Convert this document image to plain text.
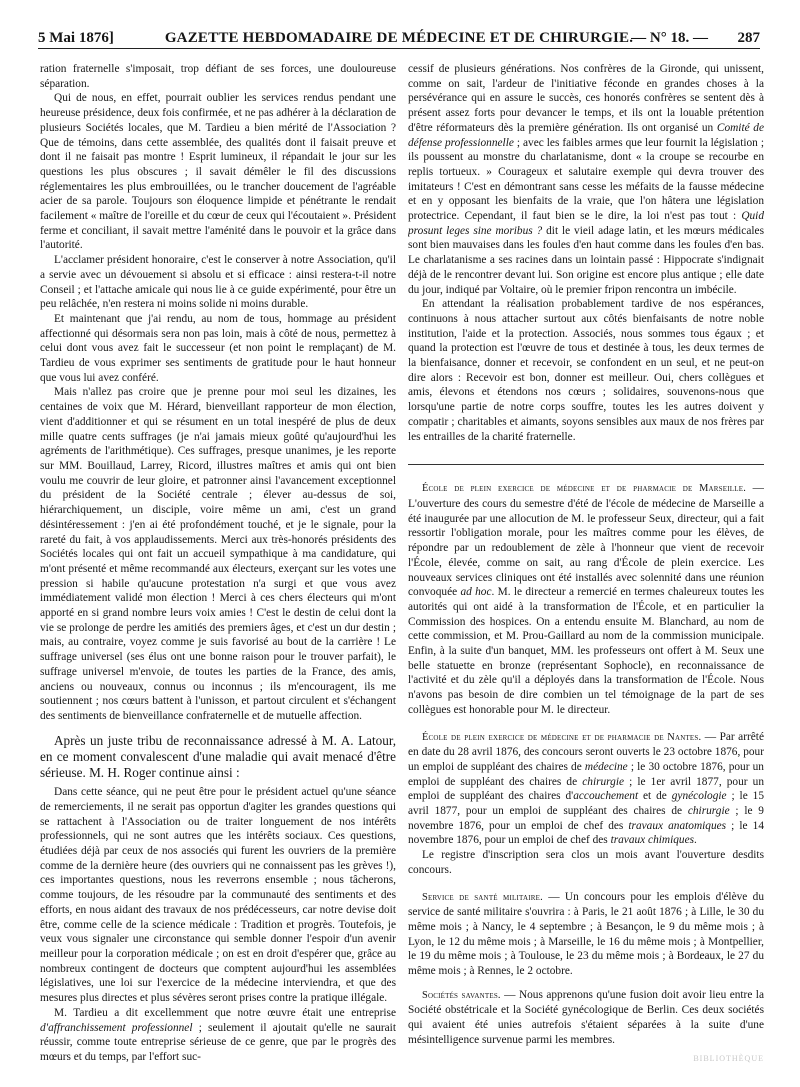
5 Mai 1876]	GAZETTE HEBDOMADAIRE DE MÉDECINE ET DE CHIRURGIE.
— N° 18. — 287

ration fraternelle s'imposait, trop défiant de ses forces, une douloureuse séparation.

Qui de nous, en effet, pourrait oublier les services rendus pendant une heureuse présidence, deux fois confirmée, et ne pas adhérer à la déclaration de plusieurs Sociétés locales, que M. Tardieu a bien mérité de l'Association ? Que de témoins, dans cette assemblée, des qualités dont il faisait preuve et dont il ne faisait pas montre ! Esprit lumineux, il répandait le jour sur les questions les plus obscures ; il savait démêler le fil des discussions réglementaires les plus embrouillées, ou le trancher doucement de l'agréable acier de sa parole. Toujours son éloquence limpide et pénétrante le rendait facilement « maître de l'oreille et du cœur de ceux qui l'écoutaient ». Président ferme et conciliant, il savait mettre l'aménité dans le pouvoir et la grâce dans l'autorité.

L'acclamer président honoraire, c'est le conserver à notre Association, qu'il a servie avec un dévouement si absolu et si efficace : ainsi restera-t-il notre Conseil ; et l'attache amicale qui nous lie à ce guide expérimenté, pour être un peu relâchée, n'en restera ni moins solide ni moins durable.

Et maintenant que j'ai rendu, au nom de tous, hommage au président affectionné qui désormais sera non pas loin, mais à côté de nous, permettez à celui dont vous avez fait le successeur (et non point le remplaçant) de M. Tardieu de vous exprimer ses sentiments de gratitude pour le haut honneur que vous lui avez conféré.

Mais n'allez pas croire que je prenne pour moi seul les dizaines, les centaines de voix que M. Hérard, bienveillant rapporteur de mon élection, vient d'additionner et qui se résument en un total inespéré de plus de deux mille quatre cents suffrages (je n'ai jamais mieux goûté qu'aujourd'hui les agréments de l'arithmétique). Ces suffrages, presque unanimes, je les reporte sur MM. Bouillaud, Larrey, Ricord, illustres maîtres et amis qui ont bien voulu me couvrir de leur gloire, et patronner ainsi l'avancement exceptionnel du président de la Société centrale ; élever au-dessus de soi, hiérarchiquement, un disciple, voire même un ami, c'est un grand désintéressement : j'en ai été profondément touché, et je le signale, pour la rareté du fait, à vos applaudissements. Merci aux très-honorés présidents des Sociétés locales qui ont fait un accueil sympathique à ma candidature, qui m'ont présenté et même recommandé aux électeurs, exerçant sur les votes une pression si habile qu'aucune protestation n'a surgi et que vous avez immédiatement validé mon élection ! Merci à ces chers électeurs qui m'ont apporté en si grand nombre leurs voix amies ! C'est le destin de celui dont la vie se prolonge de perdre les amitiés des premiers âges, et c'est un dur destin ; mais, au contraire, voyez comme je suis favorisé au bout de la carrière ! Le suffrage universel (ses élus ont une bonne raison pour le trouver parfait), le suffrage universel m'envoie, de toutes les parties de la France, des amis, anciens ou nouveaux, connus ou inconnus ; ils m'encouragent, ils me soutiennent ; nos cœurs battent à l'unisson, et partout circulent et s'échangent des sentiments de bienveillance confraternelle et de mutuelle affection.

Après un juste tribu de reconnaissance adressé à M. A. Latour, en ce moment convalescent d'une maladie qui avait menacé d'être sérieuse. M. H. Roger continue ainsi :

Dans cette séance, qui ne peut être pour le président actuel qu'une séance de remerciements, il ne serait pas opportun d'agiter les grandes questions qui se rattachent à l'Association ou de traiter longuement de nos intérêts professionnels, qui ne sont autres que les intérêts sociaux. Ces questions, étudiées déjà par ceux de nos associés qui furent les ouvriers de la première comme de la dernière heure (des ouvriers qui ne connaissent pas les grèves !), ces importantes questions, nous les reverrons ensemble ; nous tâcherons, comme toujours, de les résoudre par la communauté des sentiments et des efforts, en nous aidant des travaux de nos prédécesseurs, car notre devise doit être, comme celle de la science médicale : Tradition et progrès. Toutefois, je veux vous signaler une circonstance qui semble donner l'espoir d'un avenir meilleur pour la corporation médicale ; on est en droit d'espérer que, grâce au nombreux contingent de docteurs que comptent aujourd'hui les assemblées législatives, une loi sur l'exercice de la médecine interviendra, et que des mesures plus directes et plus sévères seront prises contre la pratique illégale.

M. Tardieu a dit excellemment que notre œuvre était une entreprise d'affranchissement professionnel ; seulement il ajoutait qu'elle ne saurait réussir, comme toute entreprise sérieuse de ce genre, que par le progrès des mœurs et du temps, par l'effort suc-

cessif de plusieurs générations. Nos confrères de la Gironde, qui unissent, comme on sait, l'ardeur de l'initiative féconde en grandes choses à la persévérance qui en assure le succès, ces honorés confrères se sentent dès à présent assez forts pour devancer le temps, et ils ont la louable prétention d'être réformateurs dès la première génération. Ils ont organisé un Comité de défense professionnelle ; avec les faibles armes que leur fournit la législation ; ils poussent au monstre du charlatanisme, dont « la croupe se recourbe en replis tortueux. » Courageux et salutaire exemple qui devra trouver des imitateurs ! C'est en démontrant sans cesse les méfaits de la fausse médecine et en y opposant les bienfaits de la vraie, que l'on hâtera une législation protectrice. Cependant, il faut bien se le dire, la loi n'est pas tout : Quid prosunt leges sine moribus ? dit le vieil adage latin, et les mœurs médicales sont bien mauvaises dans les foules d'en haut comme dans les foules d'en bas. Le charlatanisme a ses racines dans un lointain passé : Hippocrate s'indignait déjà de le rencontrer devant lui. Son origine est encore plus antique ; elle date du jour, indiqué par Voltaire, où le premier fripon rencontra un imbécile.

En attendant la réalisation probablement tardive de nos espérances, continuons à nous attacher surtout aux côtés bienfaisants de notre noble institution, l'aide et la protection. Associés, nous sommes tous égaux ; et quand la protection est l'œuvre de tous et destinée à tous, les deux termes de la bienfaisance, donner et recevoir, se confondent en un seul, et ne peut-on dire alors : Recevoir est bon, donner est meilleur. Oui, chers collègues et amis, élevons et étendons nos cœurs ; solidaires, souvenons-nous que lorsqu'une partie de notre corps souffre, toutes les les autres doivent y compatir ; charitables et aimants, soyons sensibles aux maux de nos frères par les entrailles de la charité fraternelle.

École de plein exercice de médecine et de pharmacie de Marseille. — L'ouverture des cours du semestre d'été de l'école de médecine de Marseille a été inaugurée par une allocution de M. le professeur Seux, directeur, qui a fait ressortir l'obligation morale, pour les maîtres comme pour les élèves, de répondre par un redoublement de zèle à l'honneur que vient de recevoir l'École, élevée, comme on sait, au rang d'École de plein exercice. Les nouveaux services cliniques ont été installés avec solennité dans une réunion convoquée ad hoc. M. le directeur a remercié en termes chaleureux toutes les autorités qui ont aidé à la transformation de l'École, et en particulier la Commission des hospices. On a entendu ensuite M. Blanchard, au nom de cette commission, et M. Prou-Gaillard au nom de la commission municipale. Enfin, à la suite d'un banquet, MM. les professeurs ont offert à M. Seux une belle statuette en bronze (représentant Sophocle), en reconnaissance de l'activité et du zèle qu'il a déployés dans la transformation de l'École. Nous n'avons pas besoin de dire combien un tel témoignage de la part de ses collègues est honorable pour M. le directeur.

École de plein exercice de médecine et de pharmacie de Nantes. — Par arrêté en date du 28 avril 1876, des concours seront ouverts le 23 octobre 1876, pour un emploi de suppléant des chaires de médecine ; le 30 octobre 1876, pour un emploi de suppléant des chaires de chirurgie ; le 1er avril 1877, pour un emploi de suppléant des chaires d'accouchement et de gynécologie ; le 15 avril 1877, pour un emploi de suppléant des chaires de chirurgie ; le 9 novembre 1876, pour un emploi de chef des travaux anatomiques ; le 14 novembre 1876, pour un emploi de chef des travaux chimiques.

Le registre d'inscription sera clos un mois avant l'ouverture desdits concours.

Service de santé militaire. — Un concours pour les emplois d'élève du service de santé militaire s'ouvrira : à Paris, le 21 août 1876 ; à Lille, le 30 du même mois ; à Nancy, le 4 septembre ; à Besançon, le 9 du même mois ; à Lyon, le 12 du même mois ; à Marseille, le 16 du même mois ; à Montpellier, le 19 du même mois ; à Toulouse, le 23 du même mois ; à Bordeaux, le 27 du même mois ; à Rennes, le 2 octobre.

Sociétés savantes. — Nous apprenons qu'une fusion doit avoir lieu entre la Société obstétricale et la Société gynécologique de Berlin. Ces deux sociétés qui avaient été unies autrefois s'étaient séparées à la suite d'une mésintelligence survenue parmi les membres.

BIBLIOTHÈQUE
